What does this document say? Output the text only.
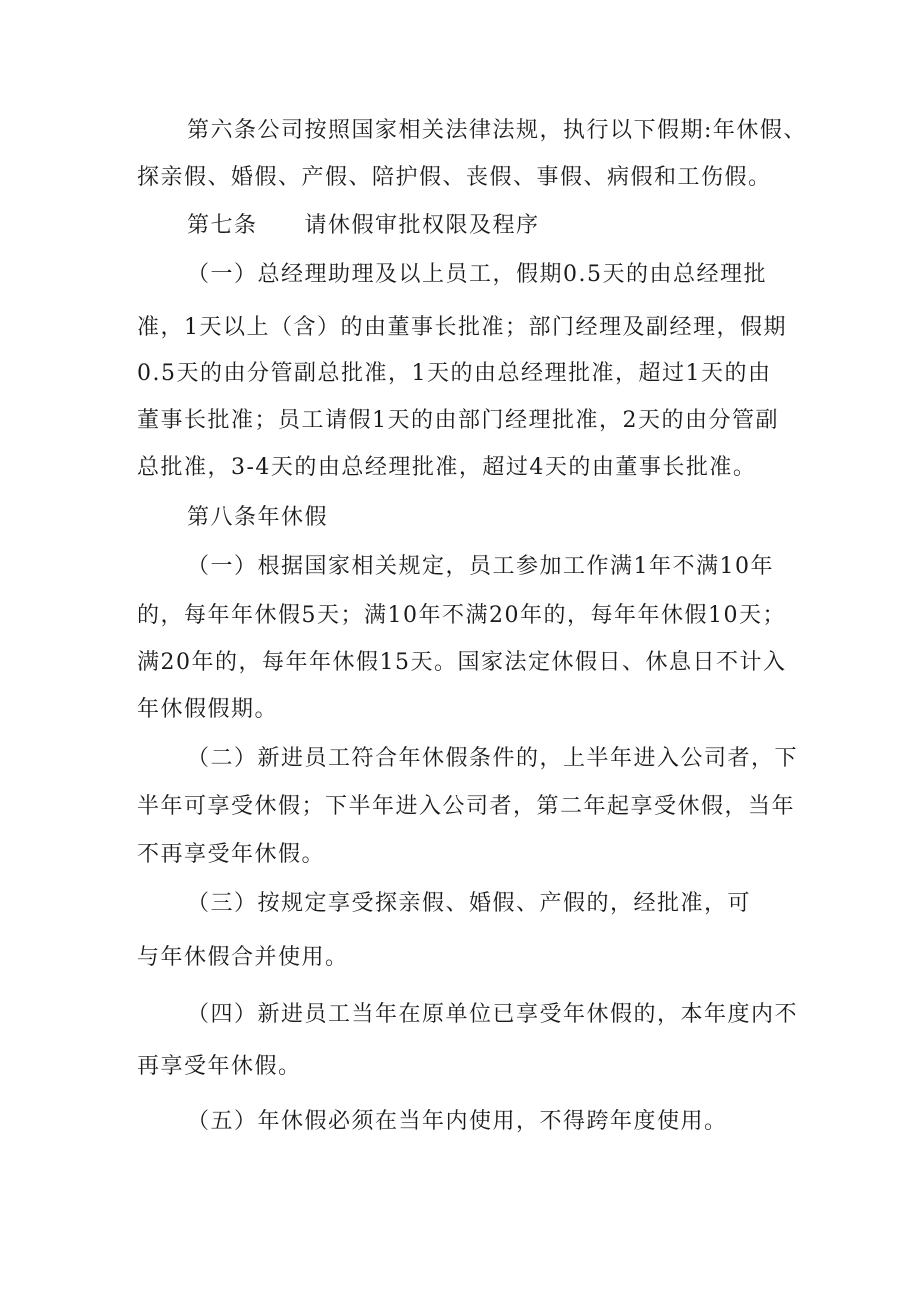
第六条公司按照国家相关法律法规，执行以下假期:年休假、
探亲假、婚假、产假、陪护假、丧假、事假、病假和工伤假。
第七条　　请休假审批权限及程序
（一）总经理助理及以上员工，假期0.5天的由总经理批
准，1天以上（含）的由董事长批准；部门经理及副经理，假期
0.5天的由分管副总批准，1天的由总经理批准，超过1天的由
董事长批准；员工请假1天的由部门经理批准，2天的由分管副
总批准，3-4天的由总经理批准，超过4天的由董事长批准。
第八条年休假
（一）根据国家相关规定，员工参加工作满1年不满10年
的，每年年休假5天；满10年不满20年的，每年年休假10天；
满20年的，每年年休假15天。国家法定休假日、休息日不计入
年休假假期。
（二）新进员工符合年休假条件的，上半年进入公司者，下
半年可享受休假；下半年进入公司者，第二年起享受休假，当年
不再享受年休假。
（三）按规定享受探亲假、婚假、产假的，经批准，可
与年休假合并使用。
（四）新进员工当年在原单位已享受年休假的，本年度内不
再享受年休假。
（五）年休假必须在当年内使用，不得跨年度使用。
